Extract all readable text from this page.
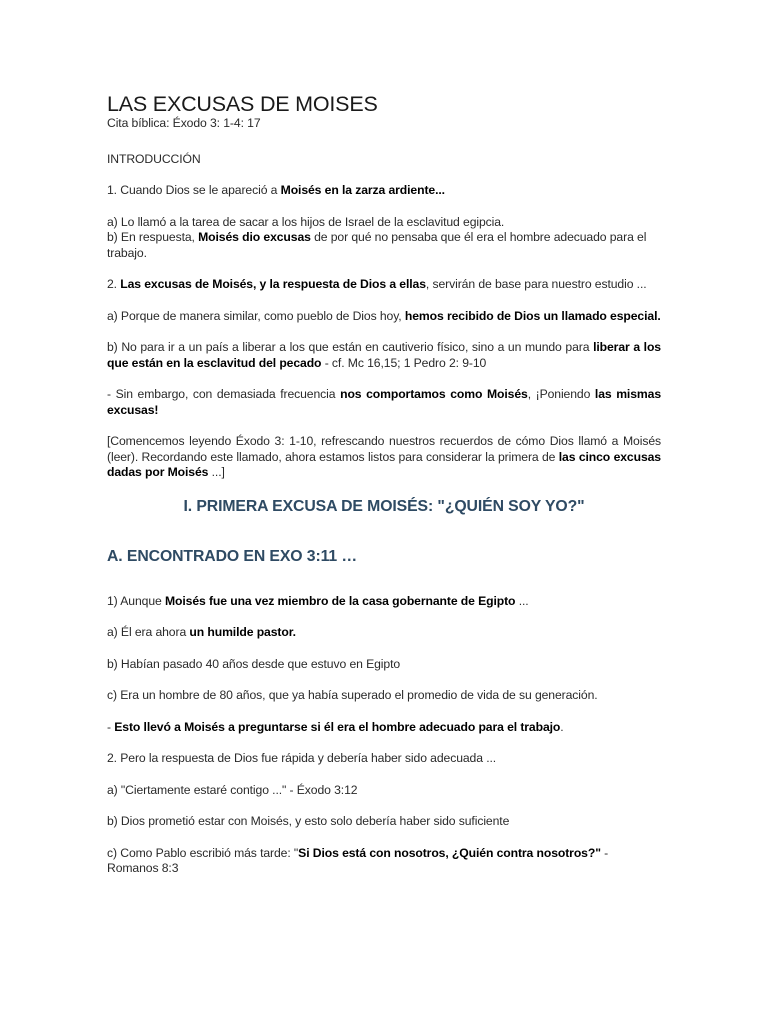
LAS EXCUSAS DE MOISES
Cita bíblica: Éxodo 3: 1-4: 17

INTRODUCCIÓN

1. Cuando Dios se le apareció a Moisés en la zarza ardiente...

a) Lo llamó a la tarea de sacar a los hijos de Israel de la esclavitud egipcia.
b) En respuesta, Moisés dio excusas de por qué no pensaba que él era el hombre adecuado para el trabajo.

2. Las excusas de Moisés, y la respuesta de Dios a ellas, servirán de base para nuestro estudio ...

a) Porque de manera similar, como pueblo de Dios hoy, hemos recibido de Dios un llamado especial.

b) No para ir a un país a liberar a los que están en cautiverio físico, sino a un mundo para liberar a los que están en la esclavitud del pecado - cf. Mc 16,15; 1 Pedro 2: 9-10

- Sin embargo, con demasiada frecuencia nos comportamos como Moisés, ¡Poniendo las mismas excusas!

[Comencemos leyendo Éxodo 3: 1-10, refrescando nuestros recuerdos de cómo Dios llamó a Moisés (leer). Recordando este llamado, ahora estamos listos para considerar la primera de las cinco excusas dadas por Moisés ...]

I. PRIMERA EXCUSA DE MOISÉS: "¿QUIÉN SOY YO?"
A. ENCONTRADO EN EXO 3:11 …

1) Aunque Moisés fue una vez miembro de la casa gobernante de Egipto ...

a) Él era ahora un humilde pastor.

b) Habían pasado 40 años desde que estuvo en Egipto

c) Era un hombre de 80 años, que ya había superado el promedio de vida de su generación.

- Esto llevó a Moisés a preguntarse si él era el hombre adecuado para el trabajo.

2. Pero la respuesta de Dios fue rápida y debería haber sido adecuada ...

a) "Ciertamente estaré contigo ..." - Éxodo 3:12

b) Dios prometió estar con Moisés, y esto solo debería haber sido suficiente

c) Como Pablo escribió más tarde: "Si Dios está con nosotros, ¿Quién contra nosotros?" - Romanos 8:3
